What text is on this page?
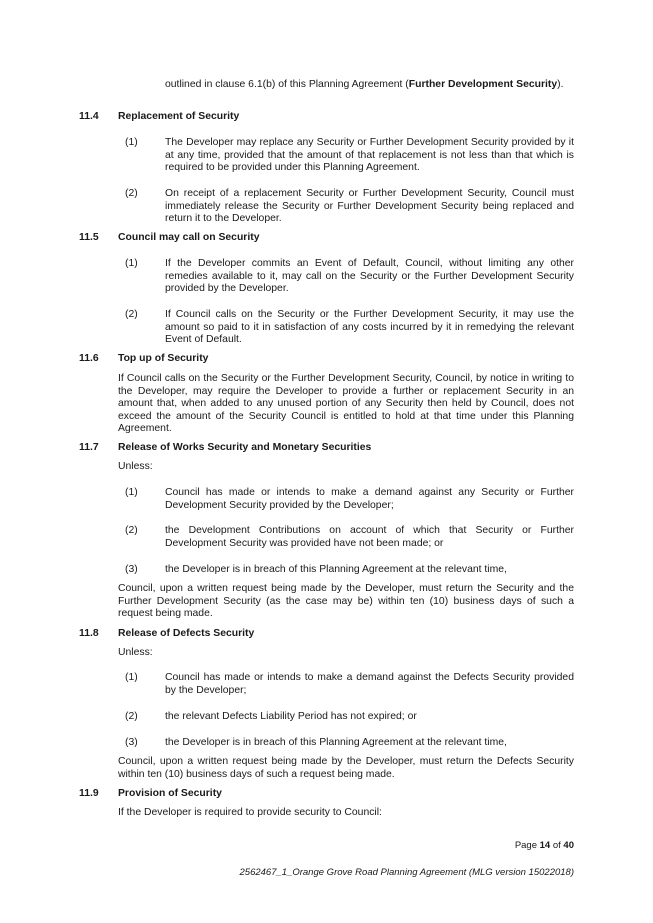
outlined in clause 6.1(b) of this Planning Agreement (Further Development Security).
11.4 Replacement of Security
(1)	The Developer may replace any Security or Further Development Security provided by it at any time, provided that the amount of that replacement is not less than that which is required to be provided under this Planning Agreement.
(2)	On receipt of a replacement Security or Further Development Security, Council must immediately release the Security or Further Development Security being replaced and return it to the Developer.
11.5 Council may call on Security
(1)	If the Developer commits an Event of Default, Council, without limiting any other remedies available to it, may call on the Security or the Further Development Security provided by the Developer.
(2)	If Council calls on the Security or the Further Development Security, it may use the amount so paid to it in satisfaction of any costs incurred by it in remedying the relevant Event of Default.
11.6 Top up of Security
If Council calls on the Security or the Further Development Security, Council, by notice in writing to the Developer, may require the Developer to provide a further or replacement Security in an amount that, when added to any unused portion of any Security then held by Council, does not exceed the amount of the Security Council is entitled to hold at that time under this Planning Agreement.
11.7 Release of Works Security and Monetary Securities
Unless:
(1)	Council has made or intends to make a demand against any Security or Further Development Security provided by the Developer;
(2)	the Development Contributions on account of which that Security or Further Development Security was provided have not been made; or
(3)	the Developer is in breach of this Planning Agreement at the relevant time,
Council, upon a written request being made by the Developer, must return the Security and the Further Development Security (as the case may be) within ten (10) business days of such a request being made.
11.8 Release of Defects Security
Unless:
(1)	Council has made or intends to make a demand against the Defects Security provided by the Developer;
(2)	the relevant Defects Liability Period has not expired; or
(3)	the Developer is in breach of this Planning Agreement at the relevant time,
Council, upon a written request being made by the Developer, must return the Defects Security within ten (10) business days of such a request being made.
11.9 Provision of Security
If the Developer is required to provide security to Council:
Page 14 of 40
2562467_1_Orange Grove Road Planning Agreement (MLG version 15022018)
